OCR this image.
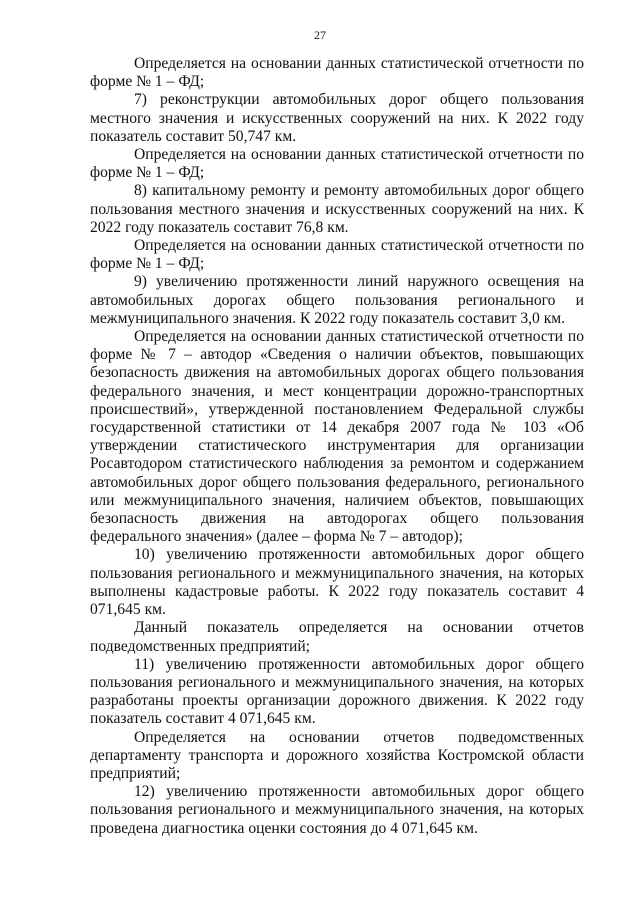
27

Определяется на основании данных статистической отчетности по форме № 1 – ФД;

7) реконструкции автомобильных дорог общего пользования местного значения и искусственных сооружений на них. К 2022 году показатель составит 50,747 км.

Определяется на основании данных статистической отчетности по форме № 1 – ФД;

8) капитальному ремонту и ремонту автомобильных дорог общего пользования местного значения и искусственных сооружений на них. К 2022 году показатель составит 76,8 км.

Определяется на основании данных статистической отчетности по форме № 1 – ФД;

9) увеличению протяженности линий наружного освещения на автомобильных дорогах общего пользования регионального и межмуниципального значения. К 2022 году показатель составит 3,0 км.

Определяется на основании данных статистической отчетности по форме № 7 – автодор «Сведения о наличии объектов, повышающих безопасность движения на автомобильных дорогах общего пользования федерального значения, и мест концентрации дорожно-транспортных происшествий», утвержденной постановлением Федеральной службы государственной статистики от 14 декабря 2007 года № 103 «Об утверждении статистического инструментария для организации Росавтодором статистического наблюдения за ремонтом и содержанием автомобильных дорог общего пользования федерального, регионального или межмуниципального значения, наличием объектов, повышающих безопасность движения на автодорогах общего пользования федерального значения» (далее – форма № 7 – автодор);

10) увеличению протяженности автомобильных дорог общего пользования регионального и межмуниципального значения, на которых выполнены кадастровые работы. К 2022 году показатель составит 4 071,645 км.

Данный показатель определяется на основании отчетов подведомственных предприятий;

11) увеличению протяженности автомобильных дорог общего пользования регионального и межмуниципального значения, на которых разработаны проекты организации дорожного движения. К 2022 году показатель составит 4 071,645 км.

Определяется на основании отчетов подведомственных департаменту транспорта и дорожного хозяйства Костромской области предприятий;

12) увеличению протяженности автомобильных дорог общего пользования регионального и межмуниципального значения, на которых проведена диагностика оценки состояния до 4 071,645 км.
